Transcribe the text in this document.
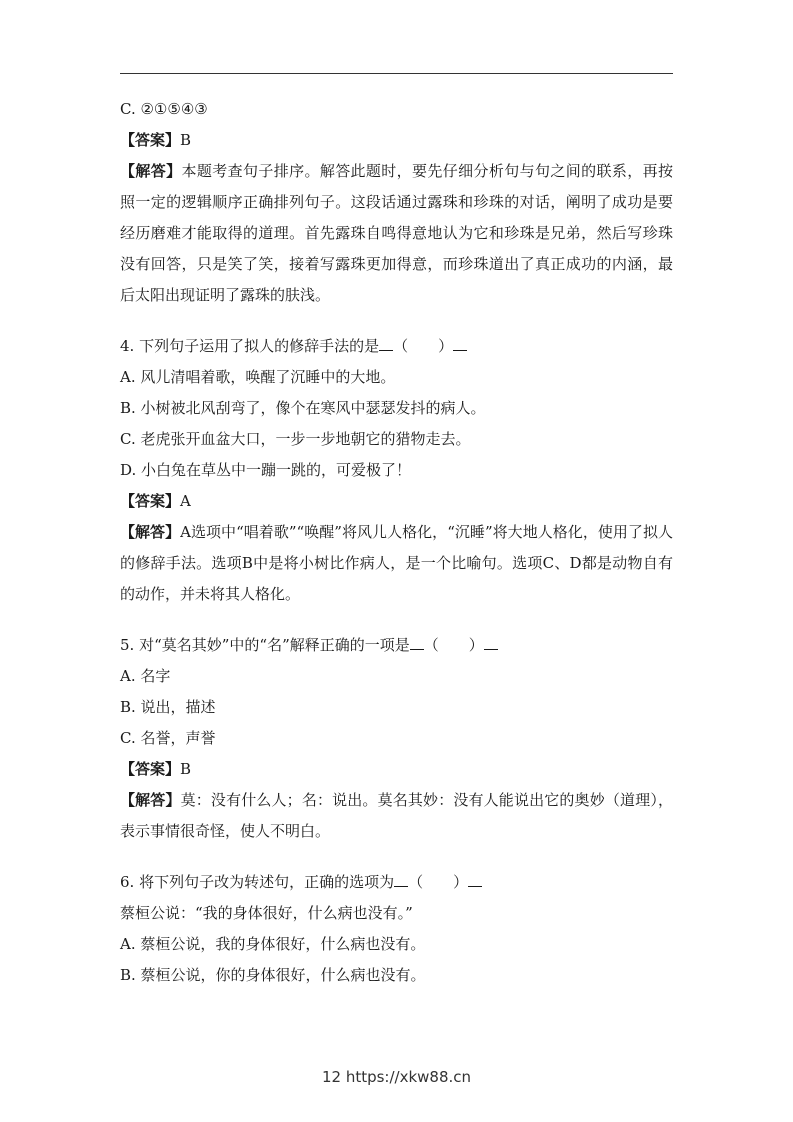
C. ②①⑤④③
【答案】B
【解答】本题考查句子排序。解答此题时，要先仔细分析句与句之间的联系，再按照一定的逻辑顺序正确排列句子。这段话通过露珠和珍珠的对话，阐明了成功是要经历磨难才能取得的道理。首先露珠自鸣得意地认为它和珍珠是兄弟，然后写珍珠没有回答，只是笑了笑，接着写露珠更加得意，而珍珠道出了真正成功的内涵，最后太阳出现证明了露珠的肤浅。
4. 下列句子运用了拟人的修辞手法的是 （　　）
A. 风儿清唱着歌，唤醒了沉睡中的大地。
B. 小树被北风刮弯了，像个在寒风中瑟瑟发抖的病人。
C. 老虎张开血盆大口，一步一步地朝它的猎物走去。
D. 小白兔在草丛中一蹦一跳的，可爱极了！
【答案】A
【解答】A选项中“唱着歌”“唤醒”将风儿人格化，“沉睡”将大地人格化，使用了拟人的修辞手法。选项B中是将小树比作病人，是一个比喻句。选项C、D都是动物自有的动作，并未将其人格化。
5. 对“莫名其妙”中的“名”解释正确的一项是 （　　）
A. 名字
B. 说出，描述
C. 名誉，声誉
【答案】B
【解答】莫：没有什么人；名：说出。莫名其妙：没有人能说出它的奥妙（道理），表示事情很奇怪，使人不明白。
6. 将下列句子改为转述句，正确的选项为 （　　）
蔡桓公说：“我的身体很好，什么病也没有。”
A. 蔡桓公说，我的身体很好，什么病也没有。
B. 蔡桓公说，你的身体很好，什么病也没有。
12 https://xkw88.cn
